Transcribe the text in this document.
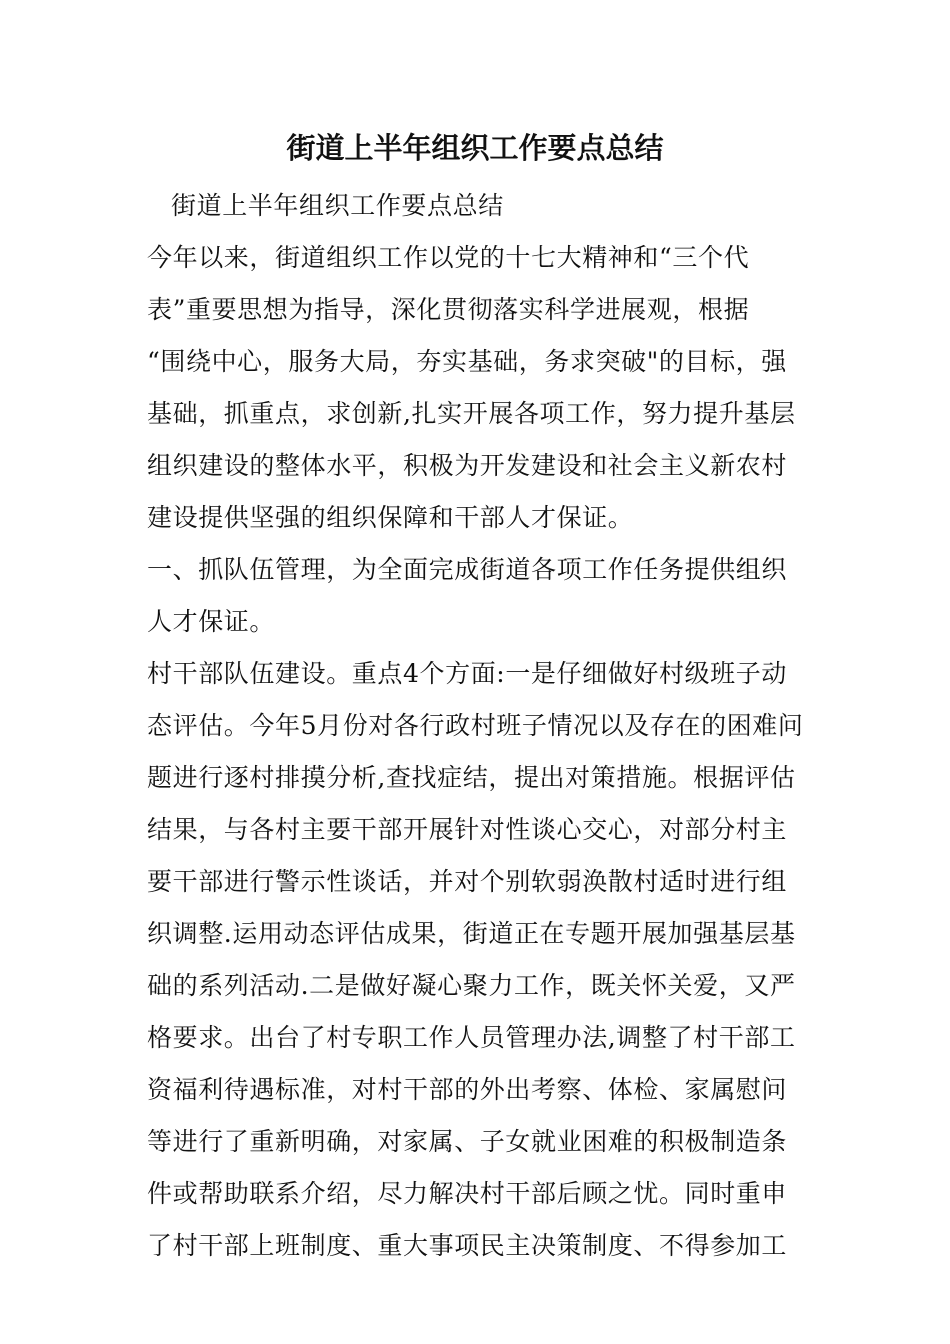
街道上半年组织工作要点总结
街道上半年组织工作要点总结
今年以来，街道组织工作以党的十七大精神和“三个代
表”重要思想为指导，深化贯彻落实科学进展观，根据
“围绕中心，服务大局，夯实基础，务求突破"的目标，强
基础，抓重点，求创新,扎实开展各项工作，努力提升基层
组织建设的整体水平，积极为开发建设和社会主义新农村
建设提供坚强的组织保障和干部人才保证。
一、抓队伍管理，为全面完成街道各项工作任务提供组织
人才保证。
村干部队伍建设。重点4个方面:一是仔细做好村级班子动
态评估。今年5月份对各行政村班子情况以及存在的困难问
题进行逐村排摸分析,查找症结，提出对策措施。根据评估
结果，与各村主要干部开展针对性谈心交心，对部分村主
要干部进行警示性谈话，并对个别软弱涣散村适时进行组
织调整.运用动态评估成果，街道正在专题开展加强基层基
础的系列活动.二是做好凝心聚力工作，既关怀关爱，又严
格要求。出台了村专职工作人员管理办法,调整了村干部工
资福利待遇标准，对村干部的外出考察、体检、家属慰问
等进行了重新明确，对家属、子女就业困难的积极制造条
件或帮助联系介绍，尽力解决村干部后顾之忧。同时重申
了村干部上班制度、重大事项民主决策制度、不得参加工
